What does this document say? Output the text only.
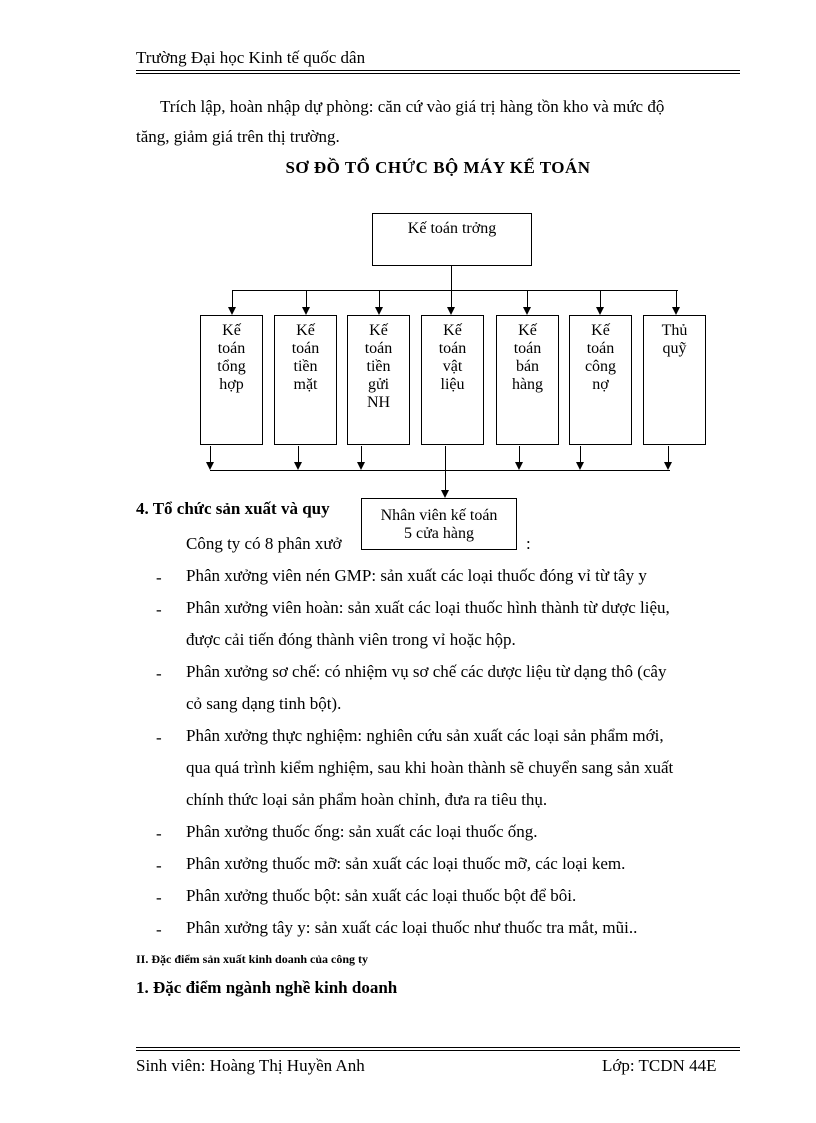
Trường Đại học Kinh tế quốc dân
Trích lập, hoàn nhập dự phòng: căn cứ vào giá trị hàng tồn kho và mức độ
tăng, giảm giá trên thị trường.
SƠ ĐỒ TỔ CHỨC BỘ MÁY KẾ TOÁN
Kế toán trởng
Kế
toán
tổng
hợp
Kế
toán
tiền
mặt
Kế
toán
tiền
gửi
NH
Kế
toán
vật
liệu
Kế
toán
bán
hàng
Kế
toán
công
nợ
Thủ
quỹ
Nhân viên kế toán
5 cửa hàng
4. Tổ chức sản xuất và quy
Công ty có 8 phân xưở	:
- Phân xưởng viên nén GMP: sản xuất các loại thuốc đóng vỉ từ tây y
- Phân xưởng viên hoàn: sản xuất các loại thuốc hình thành từ dược liệu,
được cải tiến đóng thành viên trong vỉ hoặc hộp.
- Phân xưởng sơ chế: có nhiệm vụ sơ chế các dược liệu từ dạng thô (cây
cỏ sang dạng tinh bột).
- Phân xưởng thực nghiệm: nghiên cứu sản xuất các loại sản phẩm mới,
qua quá trình kiểm nghiệm, sau khi hoàn thành sẽ chuyển sang sản xuất
chính thức loại sản phẩm hoàn chỉnh, đưa ra tiêu thụ.
- Phân xưởng thuốc ống: sản xuất các loại thuốc ống.
- Phân xưởng thuốc mỡ: sản xuất các loại thuốc mỡ, các loại kem.
- Phân xưởng thuốc bột: sản xuất các loại thuốc bột để bôi.
- Phân xưởng tây y: sản xuất các loại thuốc như thuốc tra mắt, mũi..
II. Đặc điểm sản xuất kinh doanh của công ty
1. Đặc điểm ngành nghề kinh doanh
Sinh viên: Hoàng Thị Huyền Anh	Lớp: TCDN 44E
